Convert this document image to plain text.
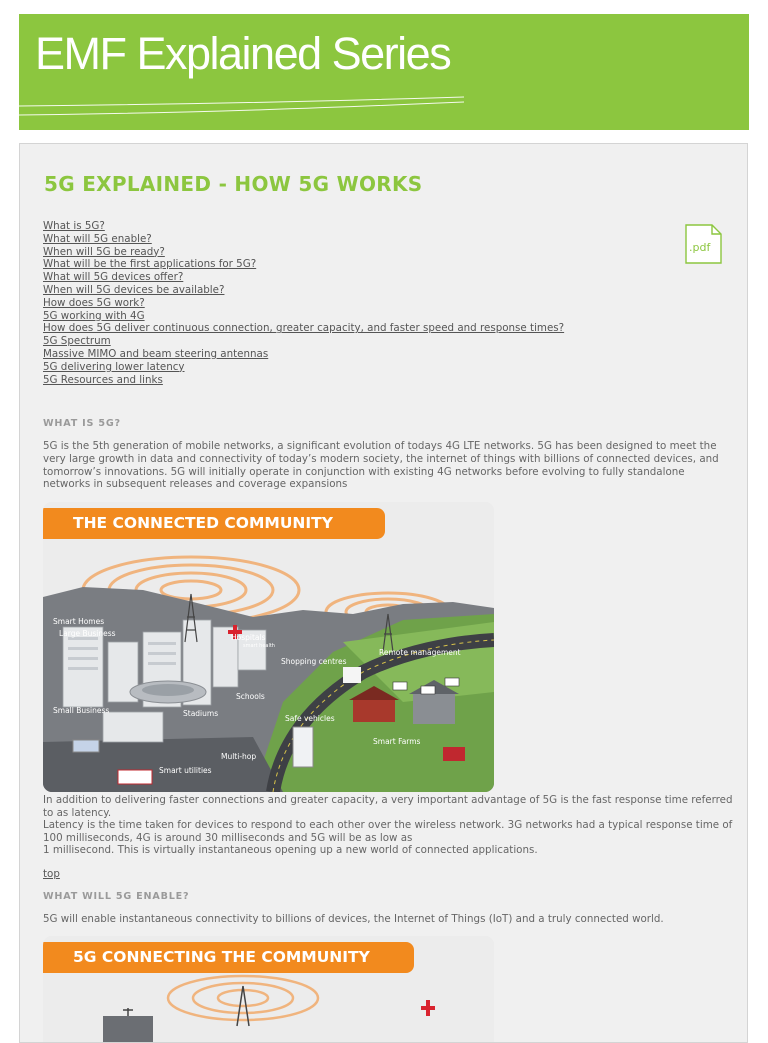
EMF Explained Series
5G EXPLAINED - HOW 5G WORKS
.pdf
What is 5G?
What will 5G enable?
When will 5G be ready?
What will be the first applications for 5G?
What will 5G devices offer?
When will 5G devices be available?
How does 5G work?
5G working with 4G
How does 5G deliver continuous connection, greater capacity, and faster speed and response times?
5G Spectrum
Massive MIMO and beam steering antennas
5G delivering lower latency
5G Resources and links
WHAT IS 5G?

5G is the 5th generation of mobile networks, a significant evolution of todays 4G LTE networks. 5G has been designed to meet the very large growth in data and connectivity of today’s modern society, the internet of things with billions of connected devices, and tomorrow’s innovations. 5G will initially operate in conjunction with existing 4G networks before evolving to fully standalone networks in subsequent releases and coverage expansions

THE CONNECTED COMMUNITY
Smart Homes
Large Business	Hospitals
smart health
Shopping centres
Remote management
Small Business	Stadiums
Schools
Safe vehicles
Smart Farms
Smart utilities
Multi-hop

In addition to delivering faster connections and greater capacity, a very important advantage of 5G is the fast response time referred to as latency.

Latency is the time taken for devices to respond to each other over the wireless network. 3G networks had a typical response time of 100 milliseconds, 4G is around 30 milliseconds and 5G will be as low as

1 millisecond. This is virtually instantaneous opening up a new world of connected applications.

top
WHAT WILL 5G ENABLE?

5G will enable instantaneous connectivity to billions of devices, the Internet of Things (IoT) and a truly connected world.

5G CONNECTING THE COMMUNITY
